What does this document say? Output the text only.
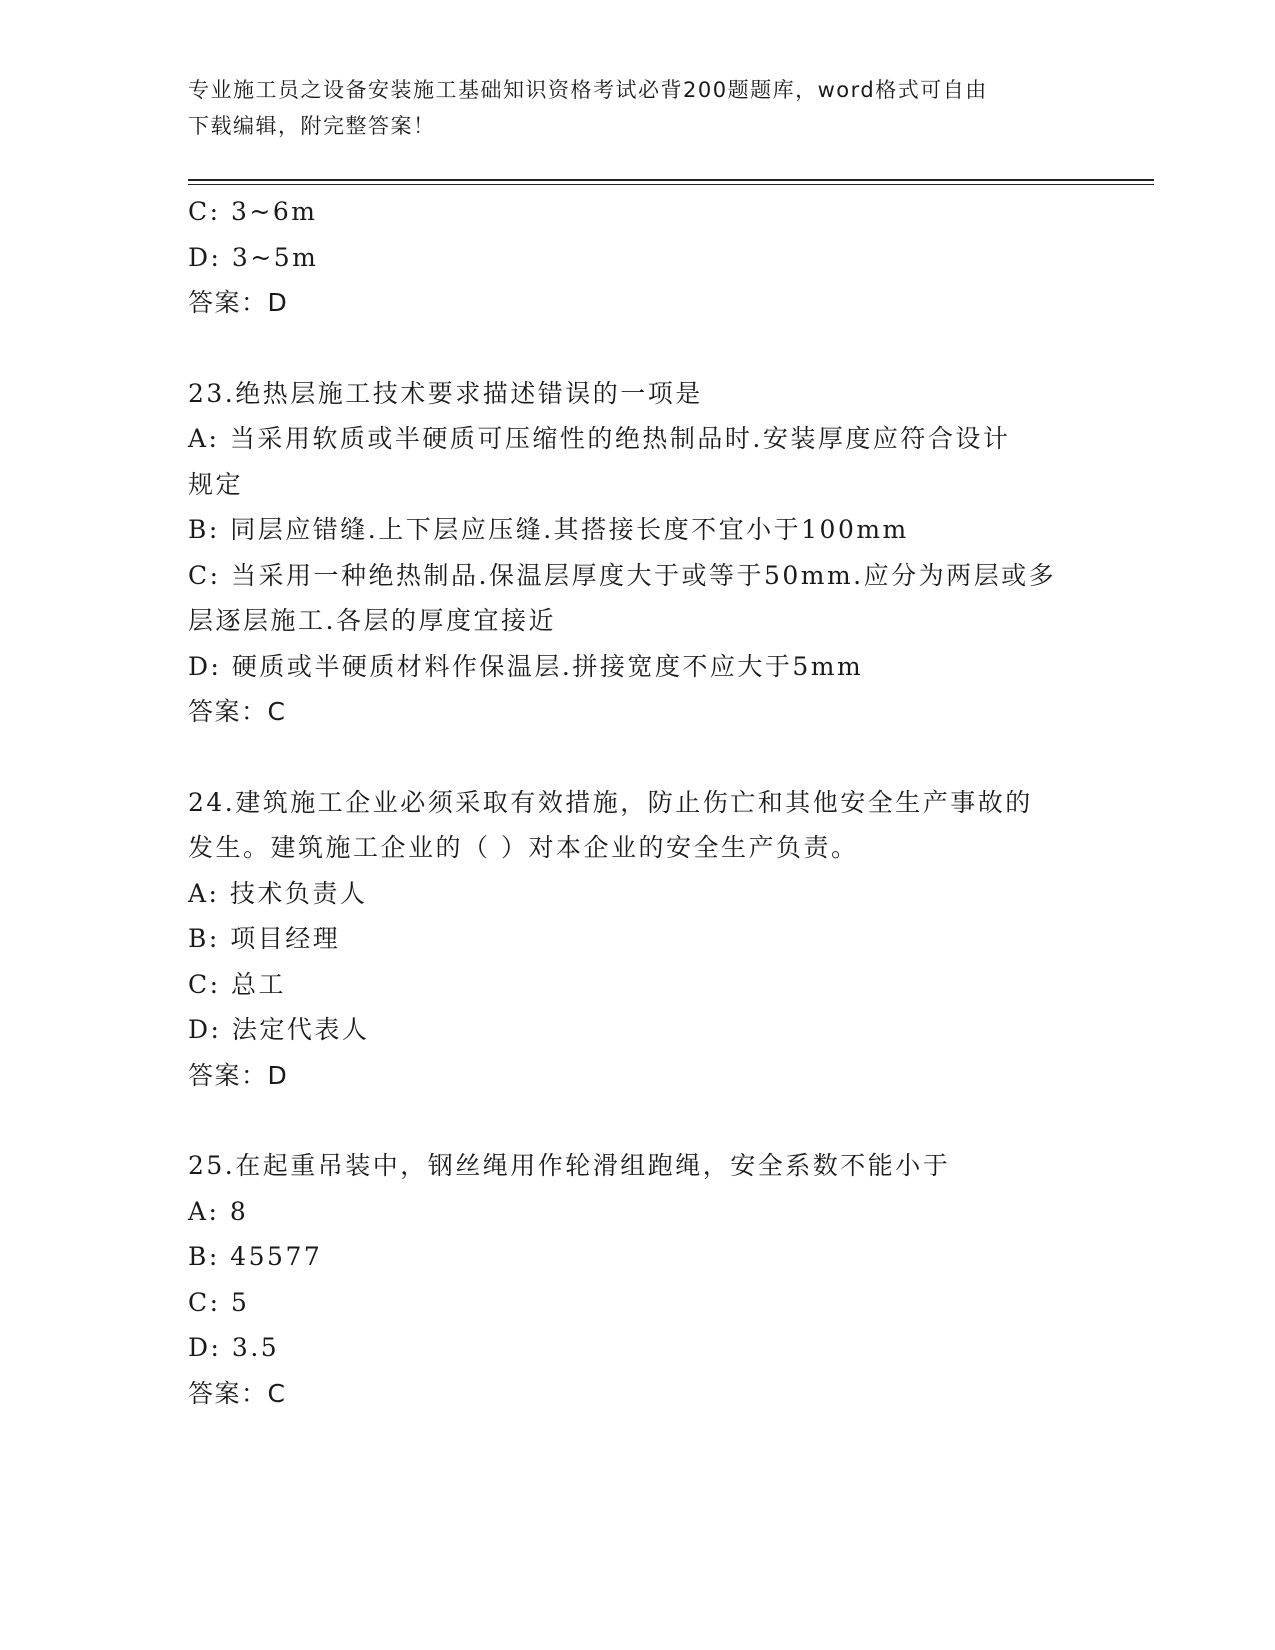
专业施工员之设备安装施工基础知识资格考试必背200题题库，word格式可自由
下载编辑，附完整答案！
C: 3~6m
D: 3~5m
答案：D
23.绝热层施工技术要求描述错误的一项是
A: 当采用软质或半硬质可压缩性的绝热制品时.安装厚度应符合设计
规定
B: 同层应错缝.上下层应压缝.其搭接长度不宜小于100mm
C: 当采用一种绝热制品.保温层厚度大于或等于50mm.应分为两层或多
层逐层施工.各层的厚度宜接近
D: 硬质或半硬质材料作保温层.拼接宽度不应大于5mm
答案：C
24.建筑施工企业必须采取有效措施，防止伤亡和其他安全生产事故的
发生。建筑施工企业的（ ）对本企业的安全生产负责。
A: 技术负责人
B: 项目经理
C: 总工
D: 法定代表人
答案：D
25.在起重吊装中，钢丝绳用作轮滑组跑绳，安全系数不能小于
A: 8
B: 45577
C: 5
D: 3.5
答案：C
